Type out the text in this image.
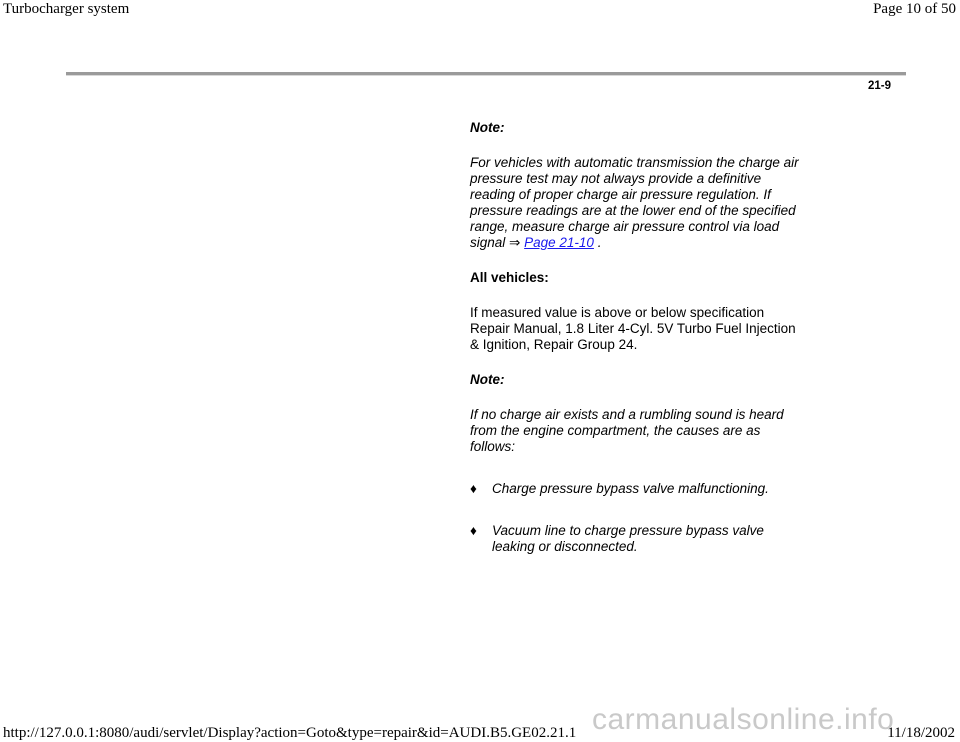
Turbocharger system	Page 10 of 50
21-9

Note:

For vehicles with automatic transmission the charge air pressure test may not always provide a definitive reading of proper charge air pressure regulation. If pressure readings are at the lower end of the specified range, measure charge air pressure control via load signal ⇒ Page 21-10 .

All vehicles:

If measured value is above or below specification Repair Manual, 1.8 Liter 4-Cyl. 5V Turbo Fuel Injection & Ignition, Repair Group 24.

Note:

If no charge air exists and a rumbling sound is heard from the engine compartment, the causes are as follows:

♦ Charge pressure bypass valve malfunctioning.

♦ Vacuum line to charge pressure bypass valve leaking or disconnected.

carmanualsonline.info
http://127.0.0.1:8080/audi/servlet/Display?action=Goto&type=repair&id=AUDI.B5.GE02.21.1	11/18/2002
